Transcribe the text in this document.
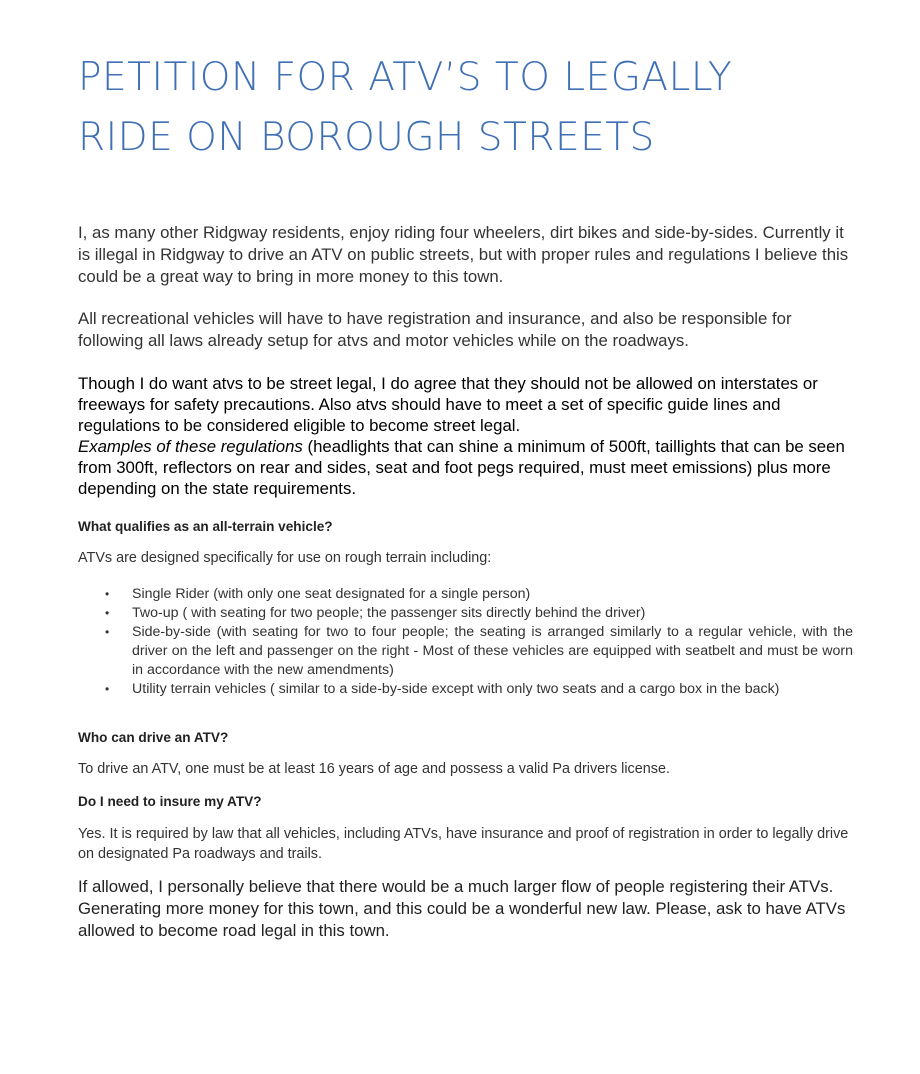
PETITION FOR ATV’S TO LEGALLY
RIDE ON BOROUGH STREETS

I, as many other Ridgway residents, enjoy riding four wheelers, dirt bikes and side-by-sides. Currently it is illegal in Ridgway to drive an ATV on public streets, but with proper rules and regulations I believe this could be a great way to bring in more money to this town.

All recreational vehicles will have to have registration and insurance, and also be responsible for following all laws already setup for atvs and motor vehicles while on the roadways.

Though I do want atvs to be street legal, I do agree that they should not be allowed on interstates or freeways for safety precautions. Also atvs should have to meet a set of specific guide lines and regulations to be considered eligible to become street legal.
Examples of these regulations (headlights that can shine a minimum of 500ft, taillights that can be seen from 300ft, reflectors on rear and sides, seat and foot pegs required, must meet emissions) plus more depending on the state requirements.

What qualifies as an all-terrain vehicle?

ATVs are designed specifically for use on rough terrain including:

• Single Rider (with only one seat designated for a single person)
• Two-up ( with seating for two people; the passenger sits directly behind the driver)
• Side-by-side (with seating for two to four people; the seating is arranged similarly to a regular vehicle, with the driver on the left and passenger on the right - Most of these vehicles are equipped with seatbelt and must be worn in accordance with the new amendments)
• Utility terrain vehicles ( similar to a side-by-side except with only two seats and a cargo box in the back)
Who can drive an ATV?

To drive an ATV, one must be at least 16 years of age and possess a valid Pa drivers license.

Do I need to insure my ATV?

Yes. It is required by law that all vehicles, including ATVs, have insurance and proof of registration in order to legally drive on designated Pa roadways and trails.

If allowed, I personally believe that there would be a much larger flow of people registering their ATVs. Generating more money for this town, and this could be a wonderful new law. Please, ask to have ATVs allowed to become road legal in this town.
